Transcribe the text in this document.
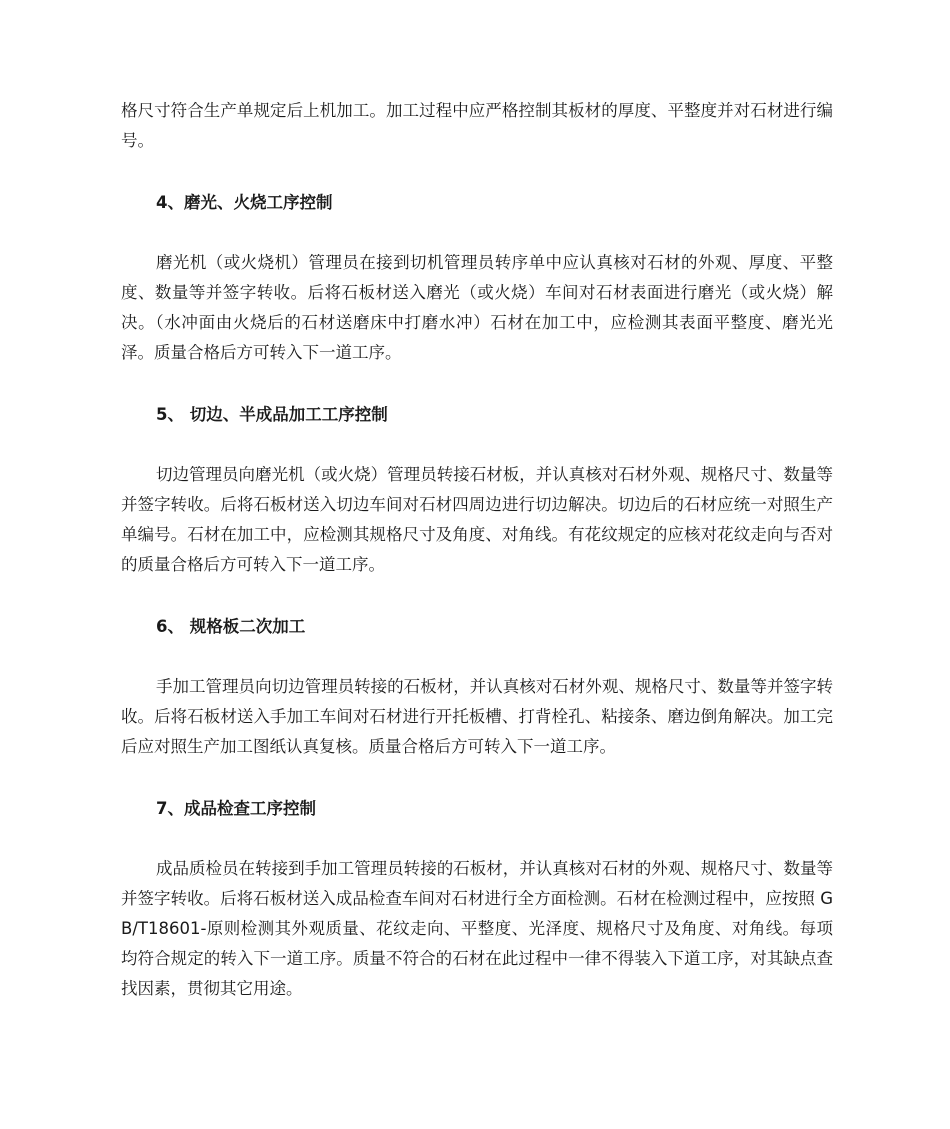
格尺寸符合生产单规定后上机加工。加工过程中应严格控制其板材的厚度、平整度并对石材进行编号。

4、磨光、火烧工序控制

磨光机（或火烧机）管理员在接到切机管理员转序单中应认真核对石材的外观、厚度、平整度、数量等并签字转收。后将石板材送入磨光（或火烧）车间对石材表面进行磨光（或火烧）解决。（水冲面由火烧后的石材送磨床中打磨水冲）石材在加工中，应检测其表面平整度、磨光光泽。质量合格后方可转入下一道工序。

5、 切边、半成品加工工序控制

切边管理员向磨光机（或火烧）管理员转接石材板，并认真核对石材外观、规格尺寸、数量等并签字转收。后将石板材送入切边车间对石材四周边进行切边解决。切边后的石材应统一对照生产单编号。石材在加工中，应检测其规格尺寸及角度、对角线。有花纹规定的应核对花纹走向与否对的质量合格后方可转入下一道工序。

6、 规格板二次加工

手加工管理员向切边管理员转接的石板材，并认真核对石材外观、规格尺寸、数量等并签字转收。后将石板材送入手加工车间对石材进行开托板槽、打背栓孔、粘接条、磨边倒角解决。加工完后应对照生产加工图纸认真复核。质量合格后方可转入下一道工序。

7、成品检查工序控制

成品质检员在转接到手加工管理员转接的石板材，并认真核对石材的外观、规格尺寸、数量等并签字转收。后将石板材送入成品检查车间对石材进行全方面检测。石材在检测过程中，应按照 GB/T18601-原则检测其外观质量、花纹走向、平整度、光泽度、规格尺寸及角度、对角线。每项均符合规定的转入下一道工序。质量不符合的石材在此过程中一律不得装入下道工序，对其缺点查找因素，贯彻其它用途。
